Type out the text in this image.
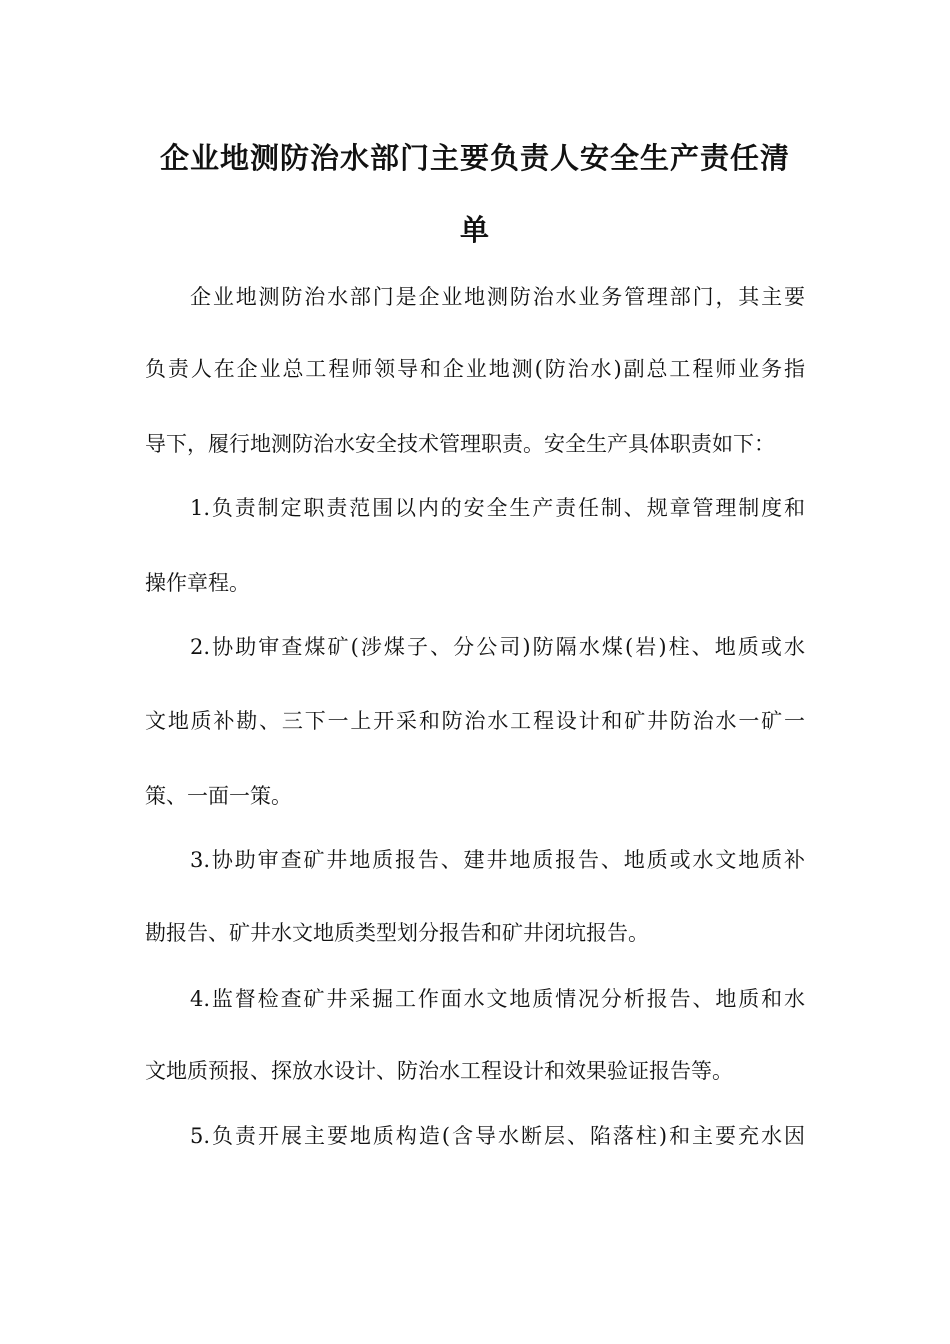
企业地测防治水部门主要负责人安全生产责任清
单
企业地测防治水部门是企业地测防治水业务管理部门，其主要
负责人在企业总工程师领导和企业地测(防治水)副总工程师业务指
导下，履行地测防治水安全技术管理职责。安全生产具体职责如下：
1.负责制定职责范围以内的安全生产责任制、规章管理制度和
操作章程。
2.协助审查煤矿(涉煤子、分公司)防隔水煤(岩)柱、地质或水
文地质补勘、三下一上开采和防治水工程设计和矿井防治水一矿一
策、一面一策。
3.协助审查矿井地质报告、建井地质报告、地质或水文地质补
勘报告、矿井水文地质类型划分报告和矿井闭坑报告。
4.监督检查矿井采掘工作面水文地质情况分析报告、地质和水
文地质预报、探放水设计、防治水工程设计和效果验证报告等。
5.负责开展主要地质构造(含导水断层、陷落柱)和主要充水因
